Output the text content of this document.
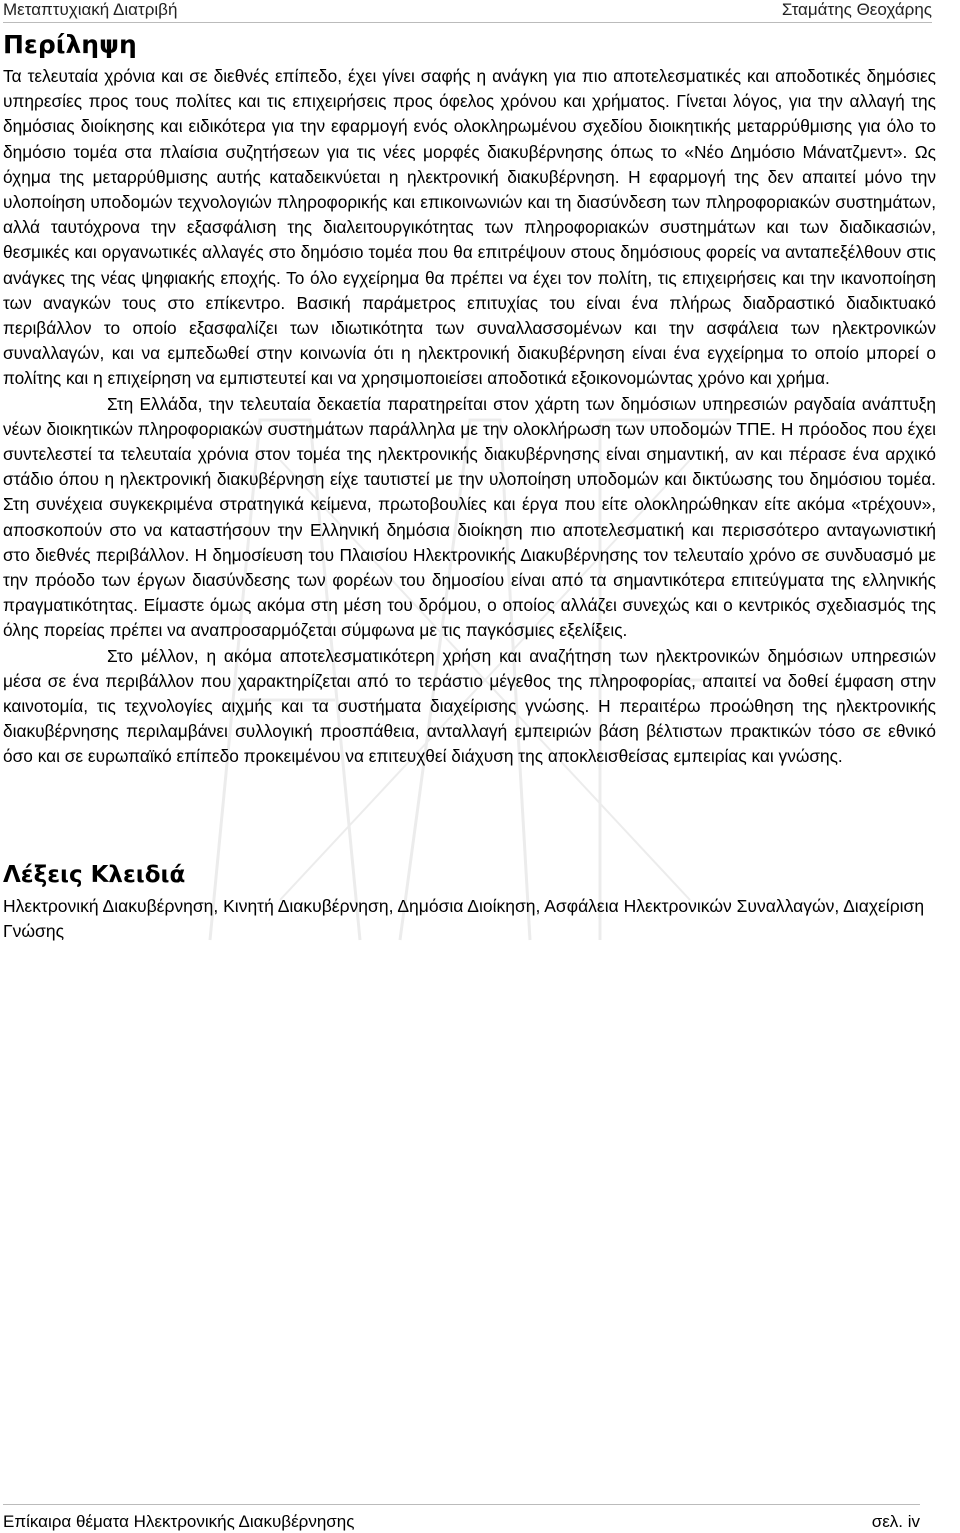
Μεταπτυχιακή Διατριβή	Σταμάτης Θεοχάρης
Περίληψη

Τα τελευταία χρόνια και σε διεθνές επίπεδο, έχει γίνει σαφής η ανάγκη για πιο αποτελεσματικές και αποδοτικές δημόσιες υπηρεσίες προς τους πολίτες και τις επιχειρήσεις προς όφελος χρόνου και χρήματος. Γίνεται λόγος, για την αλλαγή της δημόσιας διοίκησης και ειδικότερα για την εφαρμογή ενός ολοκληρωμένου σχεδίου διοικητικής μεταρρύθμισης για όλο το δημόσιο τομέα στα πλαίσια συζητήσεων για τις νέες μορφές διακυβέρνησης όπως το «Νέο Δημόσιο Μάνατζμεντ». Ως όχημα της μεταρρύθμισης αυτής καταδεικνύεται η ηλεκτρονική διακυβέρνηση. Η εφαρμογή της δεν απαιτεί μόνο την υλοποίηση υποδομών τεχνολογιών πληροφορικής και επικοινωνιών και τη διασύνδεση των πληροφοριακών συστημάτων, αλλά ταυτόχρονα την εξασφάλιση της διαλειτουργικότητας των πληροφοριακών συστημάτων και των διαδικασιών, θεσμικές και οργανωτικές αλλαγές στο δημόσιο τομέα που θα επιτρέψουν στους δημόσιους φορείς να ανταπεξέλθουν στις ανάγκες της νέας ψηφιακής εποχής. Το όλο εγχείρημα θα πρέπει να έχει τον πολίτη, τις επιχειρήσεις και την ικανοποίηση των αναγκών τους στο επίκεντρο. Βασική παράμετρος επιτυχίας του είναι ένα πλήρως διαδραστικό διαδικτυακό περιβάλλον το οποίο εξασφαλίζει των ιδιωτικότητα των συναλλασσομένων και την ασφάλεια των ηλεκτρονικών συναλλαγών, και να εμπεδωθεί στην κοινωνία ότι η ηλεκτρονική διακυβέρνηση είναι ένα εγχείρημα το οποίο μπορεί ο πολίτης και η επιχείρηση να εμπιστευτεί και να χρησιμοποιείσει αποδοτικά εξοικονομώντας χρόνο και χρήμα.

Στη Ελλάδα, την τελευταία δεκαετία παρατηρείται στον χάρτη των δημόσιων υπηρεσιών ραγδαία ανάπτυξη νέων διοικητικών πληροφοριακών συστημάτων παράλληλα με την ολοκλήρωση των υποδομών ΤΠΕ. Η πρόοδος που έχει συντελεστεί τα τελευταία χρόνια στον τομέα της ηλεκτρονικής διακυβέρνησης είναι σημαντική, αν και πέρασε ένα αρχικό στάδιο όπου η ηλεκτρονική διακυβέρνηση είχε ταυτιστεί με την υλοποίηση υποδομών και δικτύωσης του δημόσιου τομέα. Στη συνέχεια συγκεκριμένα στρατηγικά κείμενα, πρωτοβουλίες και έργα που είτε ολοκληρώθηκαν είτε ακόμα «τρέχουν», αποσκοπούν στο να καταστήσουν την Ελληνική δημόσια διοίκηση πιο αποτελεσματική και περισσότερο ανταγωνιστική στο διεθνές περιβάλλον. Η δημοσίευση του Πλαισίου Ηλεκτρονικής Διακυβέρνησης τον τελευταίο χρόνο σε συνδυασμό με την πρόοδο των έργων διασύνδεσης των φορέων του δημοσίου είναι από τα σημαντικότερα επιτεύγματα της ελληνικής πραγματικότητας. Είμαστε όμως ακόμα στη μέση του δρόμου, ο οποίος αλλάζει συνεχώς και ο κεντρικός σχεδιασμός της όλης πορείας πρέπει να αναπροσαρμόζεται σύμφωνα με τις παγκόσμιες εξελίξεις.

Στο μέλλον, η ακόμα αποτελεσματικότερη χρήση και αναζήτηση των ηλεκτρονικών δημόσιων υπηρεσιών μέσα σε ένα περιβάλλον που χαρακτηρίζεται από το τεράστιο μέγεθος της πληροφορίας, απαιτεί να δοθεί έμφαση στην καινοτομία, τις τεχνολογίες αιχμής και τα συστήματα διαχείρισης γνώσης. Η περαιτέρω προώθηση της ηλεκτρονικής διακυβέρνησης περιλαμβάνει συλλογική προσπάθεια, ανταλλαγή εμπειριών βάση βέλτιστων πρακτικών τόσο σε εθνικό όσο και σε ευρωπαϊκό επίπεδο προκειμένου να επιτευχθεί διάχυση της αποκλεισθείσας εμπειρίας και γνώσης.

Λέξεις Κλειδιά

Ηλεκτρονική Διακυβέρνηση, Κινητή Διακυβέρνηση, Δημόσια Διοίκηση, Ασφάλεια Ηλεκτρονικών Συναλλαγών, Διαχείριση Γνώσης

Επίκαιρα θέματα Ηλεκτρονικής Διακυβέρνησης	σελ. iv
